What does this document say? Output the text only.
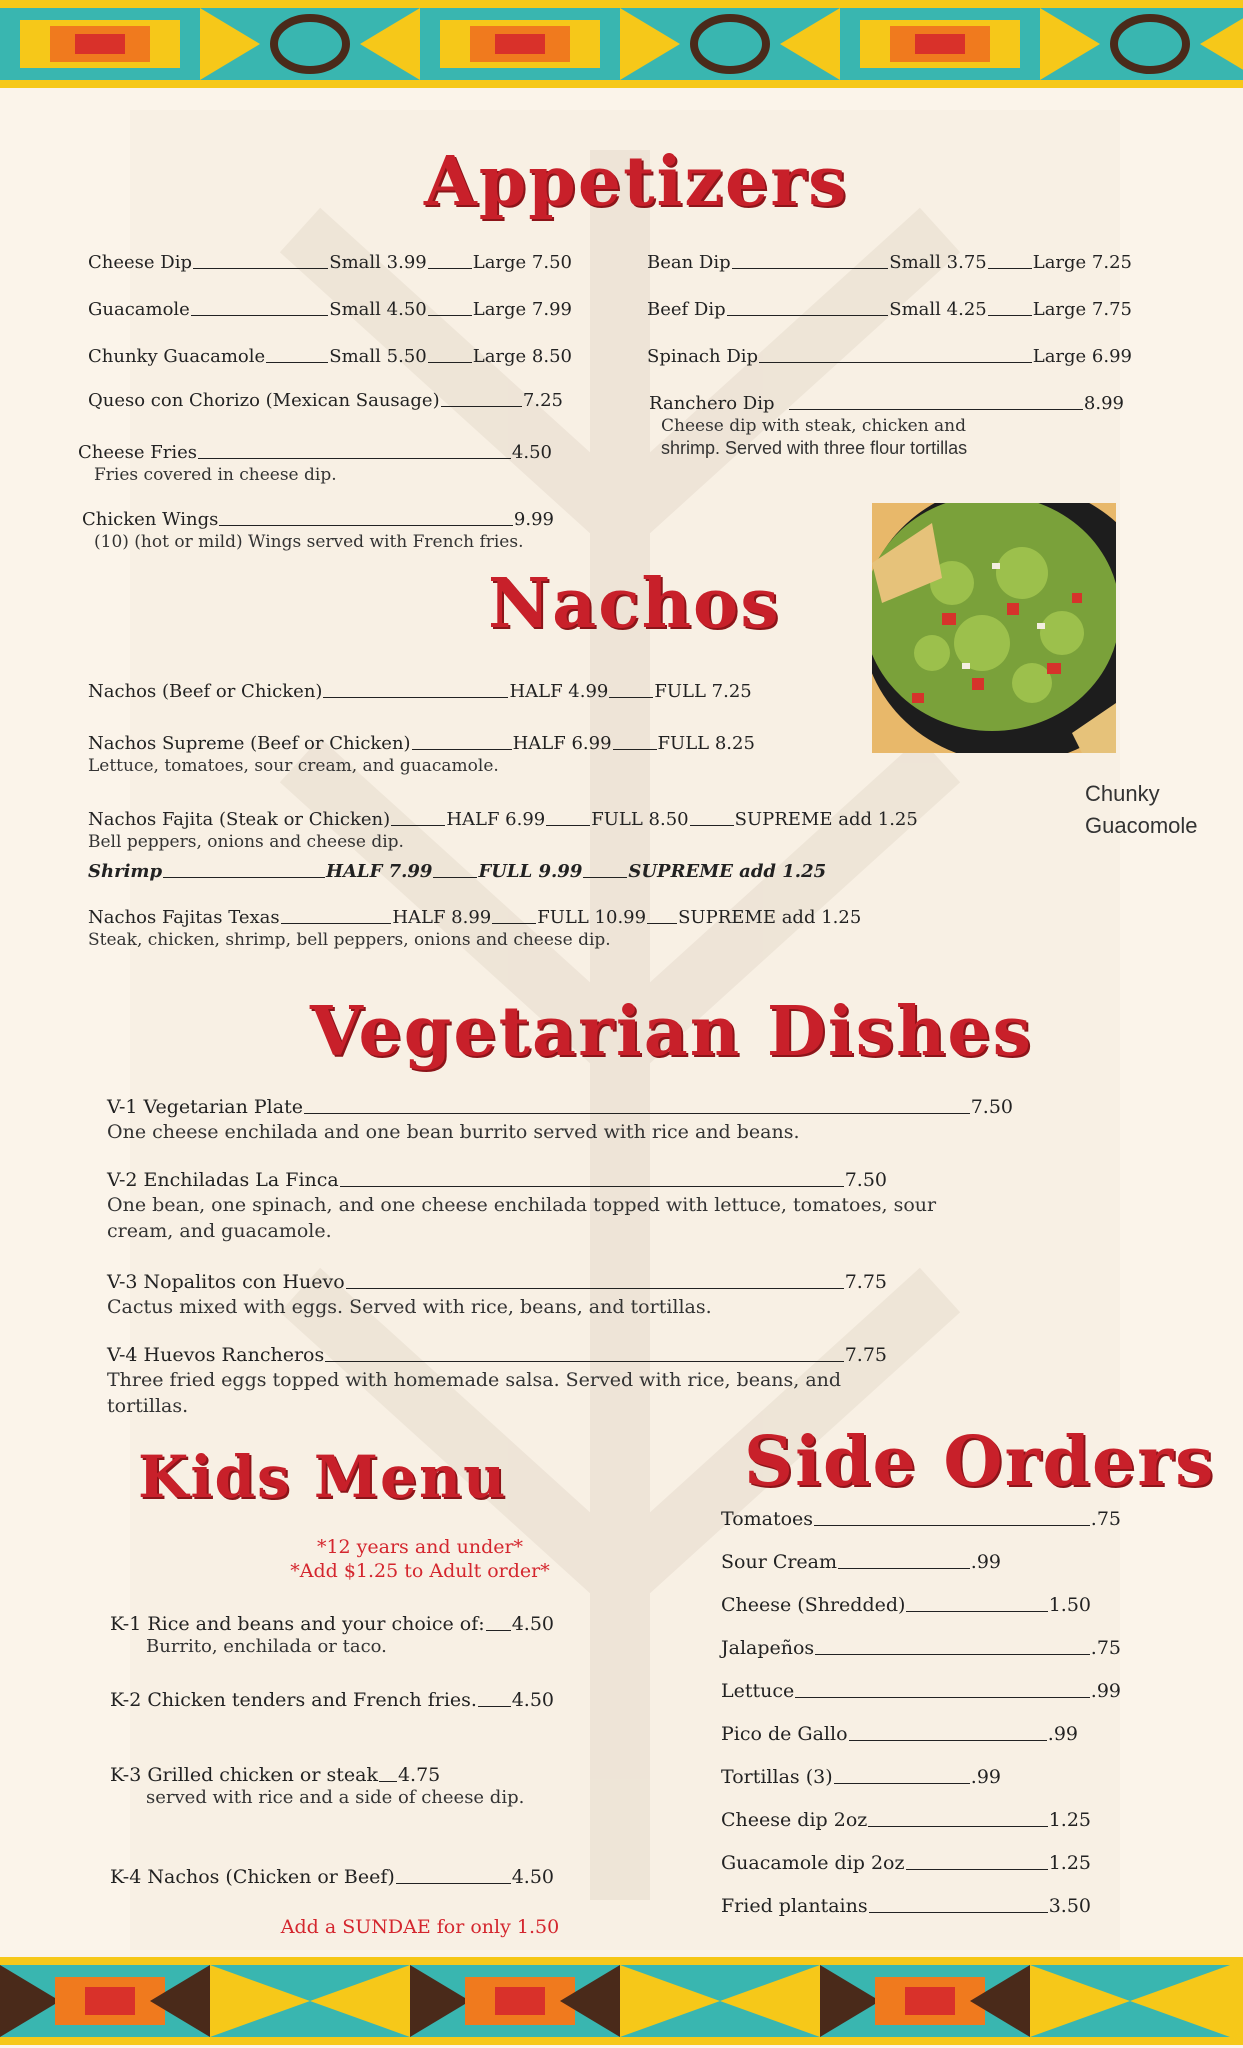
Appetizers
Cheese Dip	Small 3.99	Large 7.50
Guacamole	Small 4.50	Large 7.99
Chunky Guacamole	Small 5.50	Large 8.50
Queso con Chorizo (Mexican Sausage)	7.25
Cheese Fries	4.50
Fries covered in cheese dip.
Chicken Wings	9.99
(10) (hot or mild) Wings served with French fries.
Bean Dip	Small 3.75	Large 7.25
Beef Dip	Small 4.25	Large 7.75
Spinach Dip	Large 6.99
Ranchero Dip	8.99
Cheese dip with steak, chicken and
shrimp. Served with three flour tortillas
Chunky
Guacomole
Nachos
Nachos (Beef or Chicken)	HALF 4.99	FULL 7.25
Nachos Supreme (Beef or Chicken)	HALF 6.99	FULL 8.25
Lettuce, tomatoes, sour cream, and guacamole.
Nachos Fajita (Steak or Chicken)	HALF 6.99	FULL 8.50	SUPREME add 1.25
Bell peppers, onions and cheese dip.
Shrimp	HALF 7.99	FULL 9.99	SUPREME add 1.25
Nachos Fajitas Texas	HALF 8.99	FULL 10.99 SUPREME add 1.25
Steak, chicken, shrimp, bell peppers, onions and cheese dip.
Vegetarian Dishes
V-1 Vegetarian Plate	7.50
One cheese enchilada and one bean burrito served with rice and beans.
V-2 Enchiladas La Finca	7.50
One bean, one spinach, and one cheese enchilada topped with lettuce, tomatoes, sour cream, and guacamole.
V-3 Nopalitos con Huevo	7.75
Cactus mixed with eggs. Served with rice, beans, and tortillas.
V-4 Huevos Rancheros	7.75
Three fried eggs topped with homemade salsa. Served with rice, beans, and tortillas.
Kids Menu
*12 years and under*
*Add $1.25 to Adult order*
K-1 Rice and beans and your choice of: 4.50
Burrito, enchilada or taco.
K-2 Chicken tenders and French fries. 4.50
K-3 Grilled chicken or steak 4.75
served with rice and a side of cheese dip.
K-4 Nachos (Chicken or Beef)	4.50
Add a SUNDAE for only 1.50
Side Orders
Tomatoes	.75
Sour Cream	.99
Cheese (Shredded)	1.50
Jalapeños	.75
Lettuce	.99
Pico de Gallo	.99
Tortillas (3)	.99
Cheese dip 2oz	1.25
Guacamole dip 2oz	1.25
Fried plantains	3.50
